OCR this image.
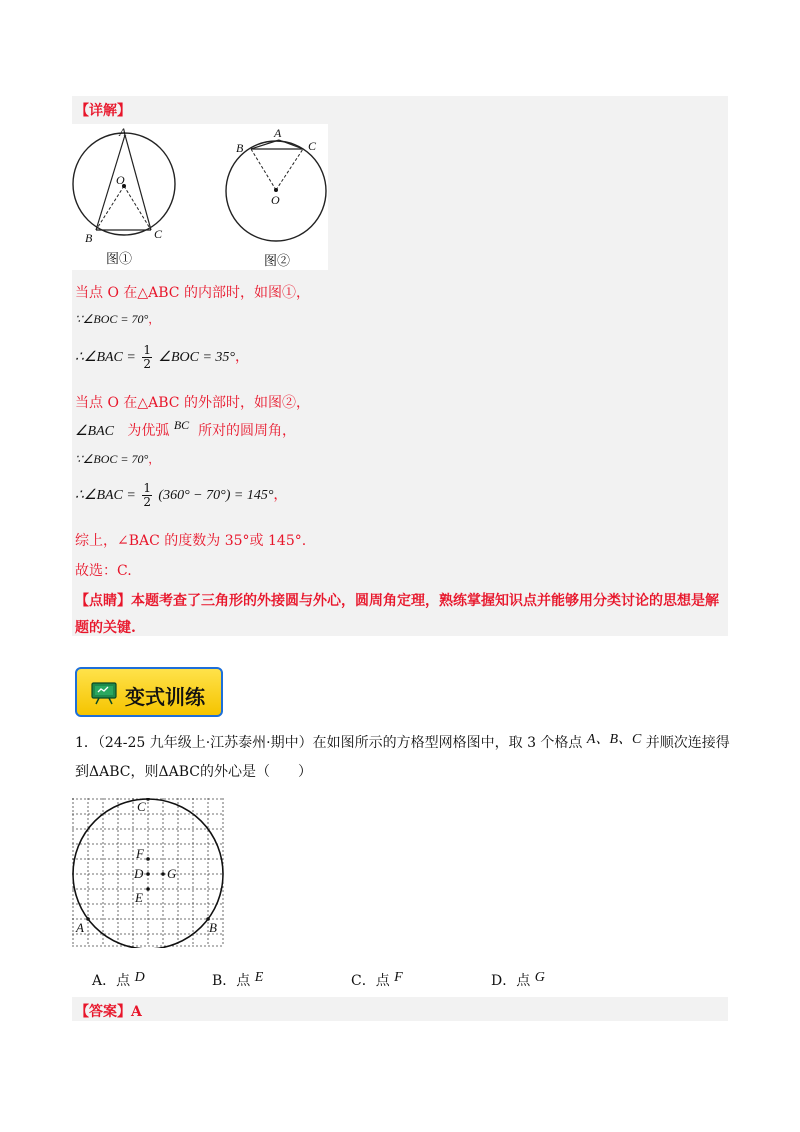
【详解】
A
O
B	C
图①
A
B	C
O
图②
当点 O 在△ABC 的内部时，如图①，
∵∠BOC = 70°，
∴∠BAC = $\frac{1}{2}$ ∠BOC = 35°，
当点 O 在△ABC 的外部时，如图②，
∠BAC 为优弧 BC 所对的圆周角，
∵∠BOC = 70°，
∴∠BAC = $\frac{1}{2} (360^\circ - 70^\circ) = 145^\circ$，
综上，∠BAC 的度数为 35°或 145°.
故选：C.
【点睛】本题考查了三角形的外接圆与外心，圆周角定理，熟练掌握知识点并能够用分类讨论的思想是解
题的关键.
变式训练
1．（24-25 九年级上·江苏泰州·期中）在如图所示的方格型网格图中，取 3 个格点 A、B、C 并顺次连接得
到ΔABC，则ΔABC的外心是（　　）
C
F
D G
E
A	B
A．点 D	B．点 E	C．点 F	D．点 G
【答案】A
